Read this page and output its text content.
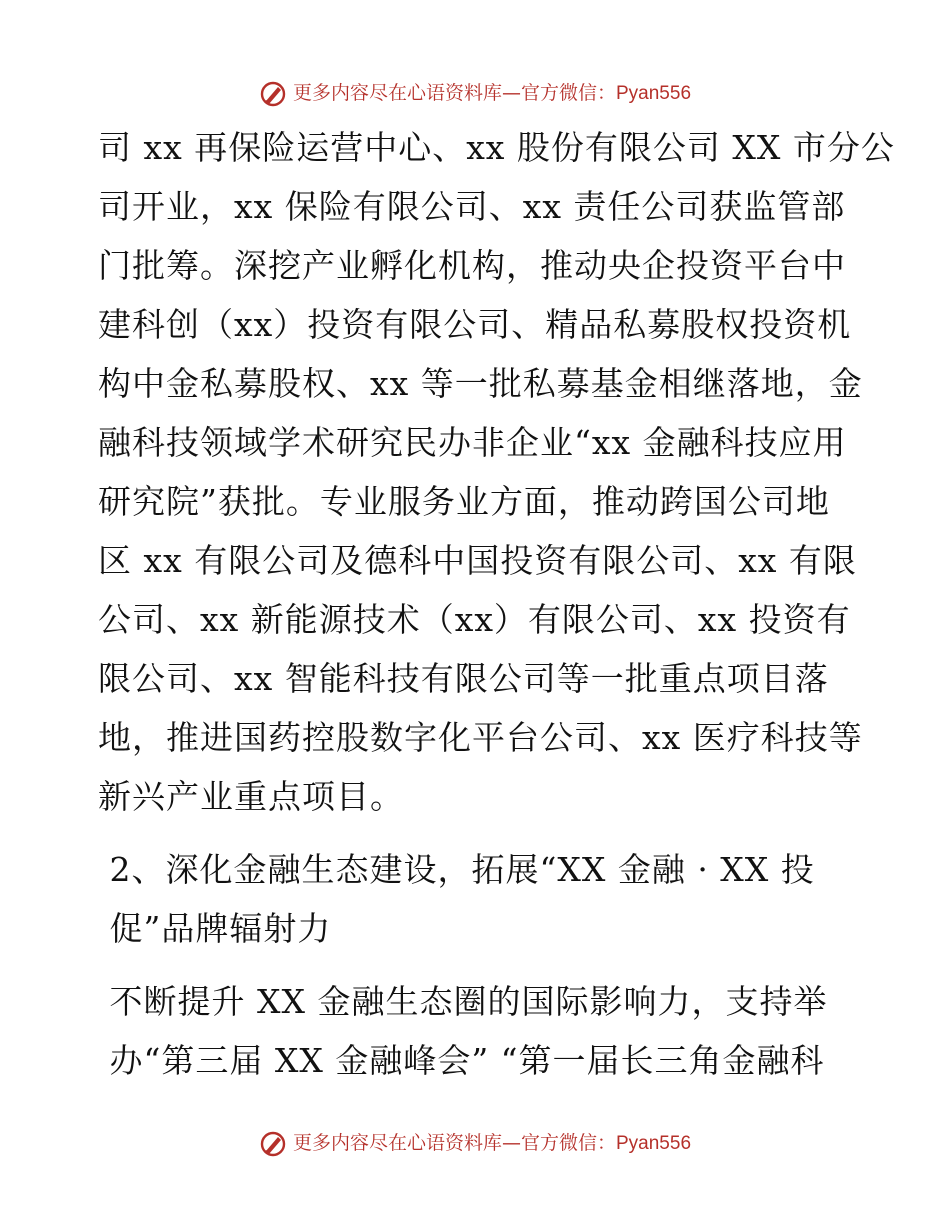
更多内容尽在心语资料库—官方微信：Pyan556
司 xx 再保险运营中心、xx 股份有限公司 XX 市分公
司开业，xx 保险有限公司、xx 责任公司获监管部
门批筹。深挖产业孵化机构，推动央企投资平台中
建科创（xx）投资有限公司、精品私募股权投资机
构中金私募股权、xx 等一批私募基金相继落地，金
融科技领域学术研究民办非企业“xx 金融科技应用
研究院”获批。专业服务业方面，推动跨国公司地
区 xx 有限公司及德科中国投资有限公司、xx 有限
公司、xx 新能源技术（xx）有限公司、xx 投资有
限公司、xx 智能科技有限公司等一批重点项目落
地，推进国药控股数字化平台公司、xx 医疗科技等
新兴产业重点项目。
2、深化金融生态建设，拓展“XX 金融 · XX 投
促”品牌辐射力
不断提升 XX 金融生态圈的国际影响力，支持举
办“第三届 XX 金融峰会” “第一届长三角金融科
更多内容尽在心语资料库—官方微信：Pyan556
